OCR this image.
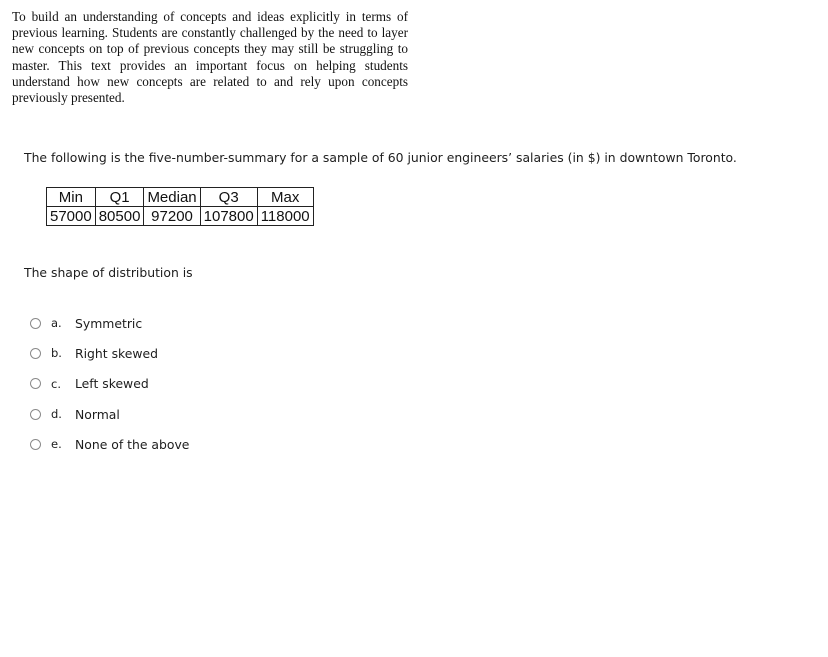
To build an understanding of concepts and ideas explicitly in terms of previous learning. Students are constantly challenged by the need to layer new concepts on top of previous concepts they may still be struggling to master. This text provides an important focus on helping students understand how new concepts are related to and rely upon concepts previously presented.
The following is the five-number-summary for a sample of 60 junior engineers’ salaries (in $) in downtown Toronto.
Min	Q1	Median	Q3	Max
57000	80500	97200	107800	118000
The shape of distribution is
a.	Symmetric
b.	Right skewed
c.	Left skewed
d.	Normal
e.	None of the above
